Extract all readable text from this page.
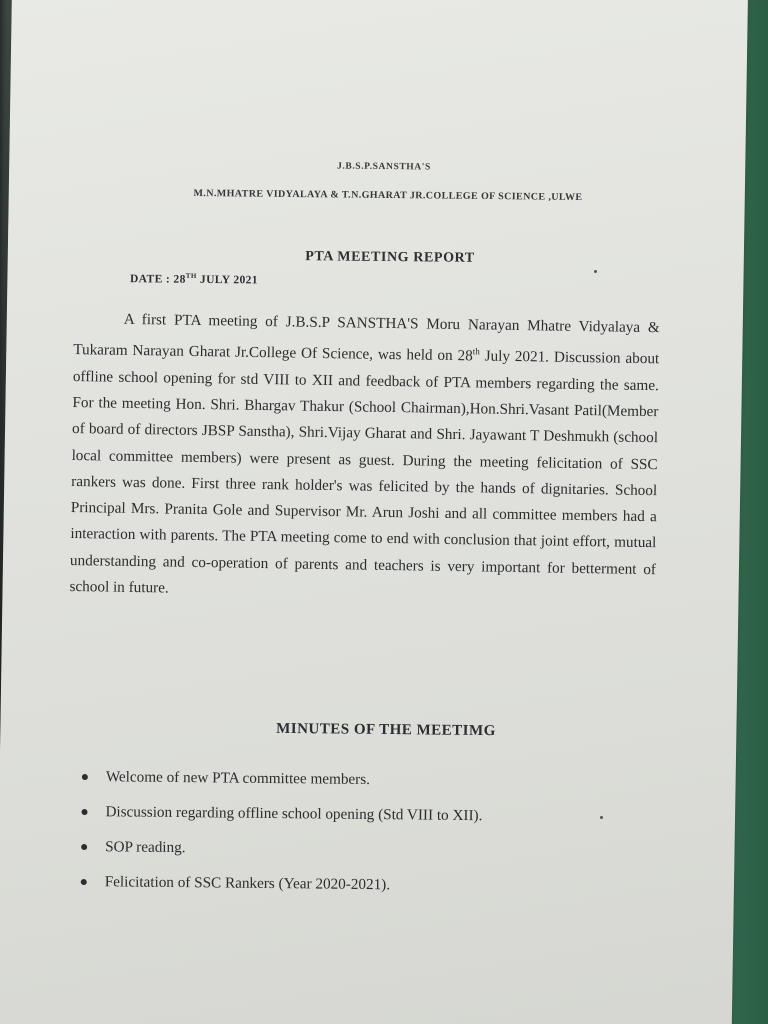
J.B.S.P.SANSTHA'S
M.N.MHATRE VIDYALAYA & T.N.GHARAT JR.COLLEGE OF SCIENCE ,ULWE
PTA MEETING REPORT
DATE : 28TH JULY 2021

A first PTA meeting of J.B.S.P SANSTHA'S Moru Narayan Mhatre Vidyalaya & Tukaram Narayan Gharat Jr.College Of Science, was held on 28th July 2021. Discussion about offline school opening for std VIII to XII and feedback of PTA members regarding the same. For the meeting Hon. Shri. Bhargav Thakur (School Chairman),Hon.Shri.Vasant Patil(Member of board of directors JBSP Sanstha), Shri.Vijay Gharat and Shri. Jayawant T Deshmukh (school local committee members) were present as guest. During the meeting felicitation of SSC rankers was done. First three rank holder's was felicited by the hands of dignitaries. School Principal Mrs. Pranita Gole and Supervisor Mr. Arun Joshi and all committee members had a interaction with parents. The PTA meeting come to end with conclusion that joint effort, mutual understanding and co-operation of parents and teachers is very important for betterment of school in future.

MINUTES OF THE MEETIMG
Welcome of new PTA committee members.
Discussion regarding offline school opening (Std VIII to XII).
SOP reading.
Felicitation of SSC Rankers (Year 2020-2021).
